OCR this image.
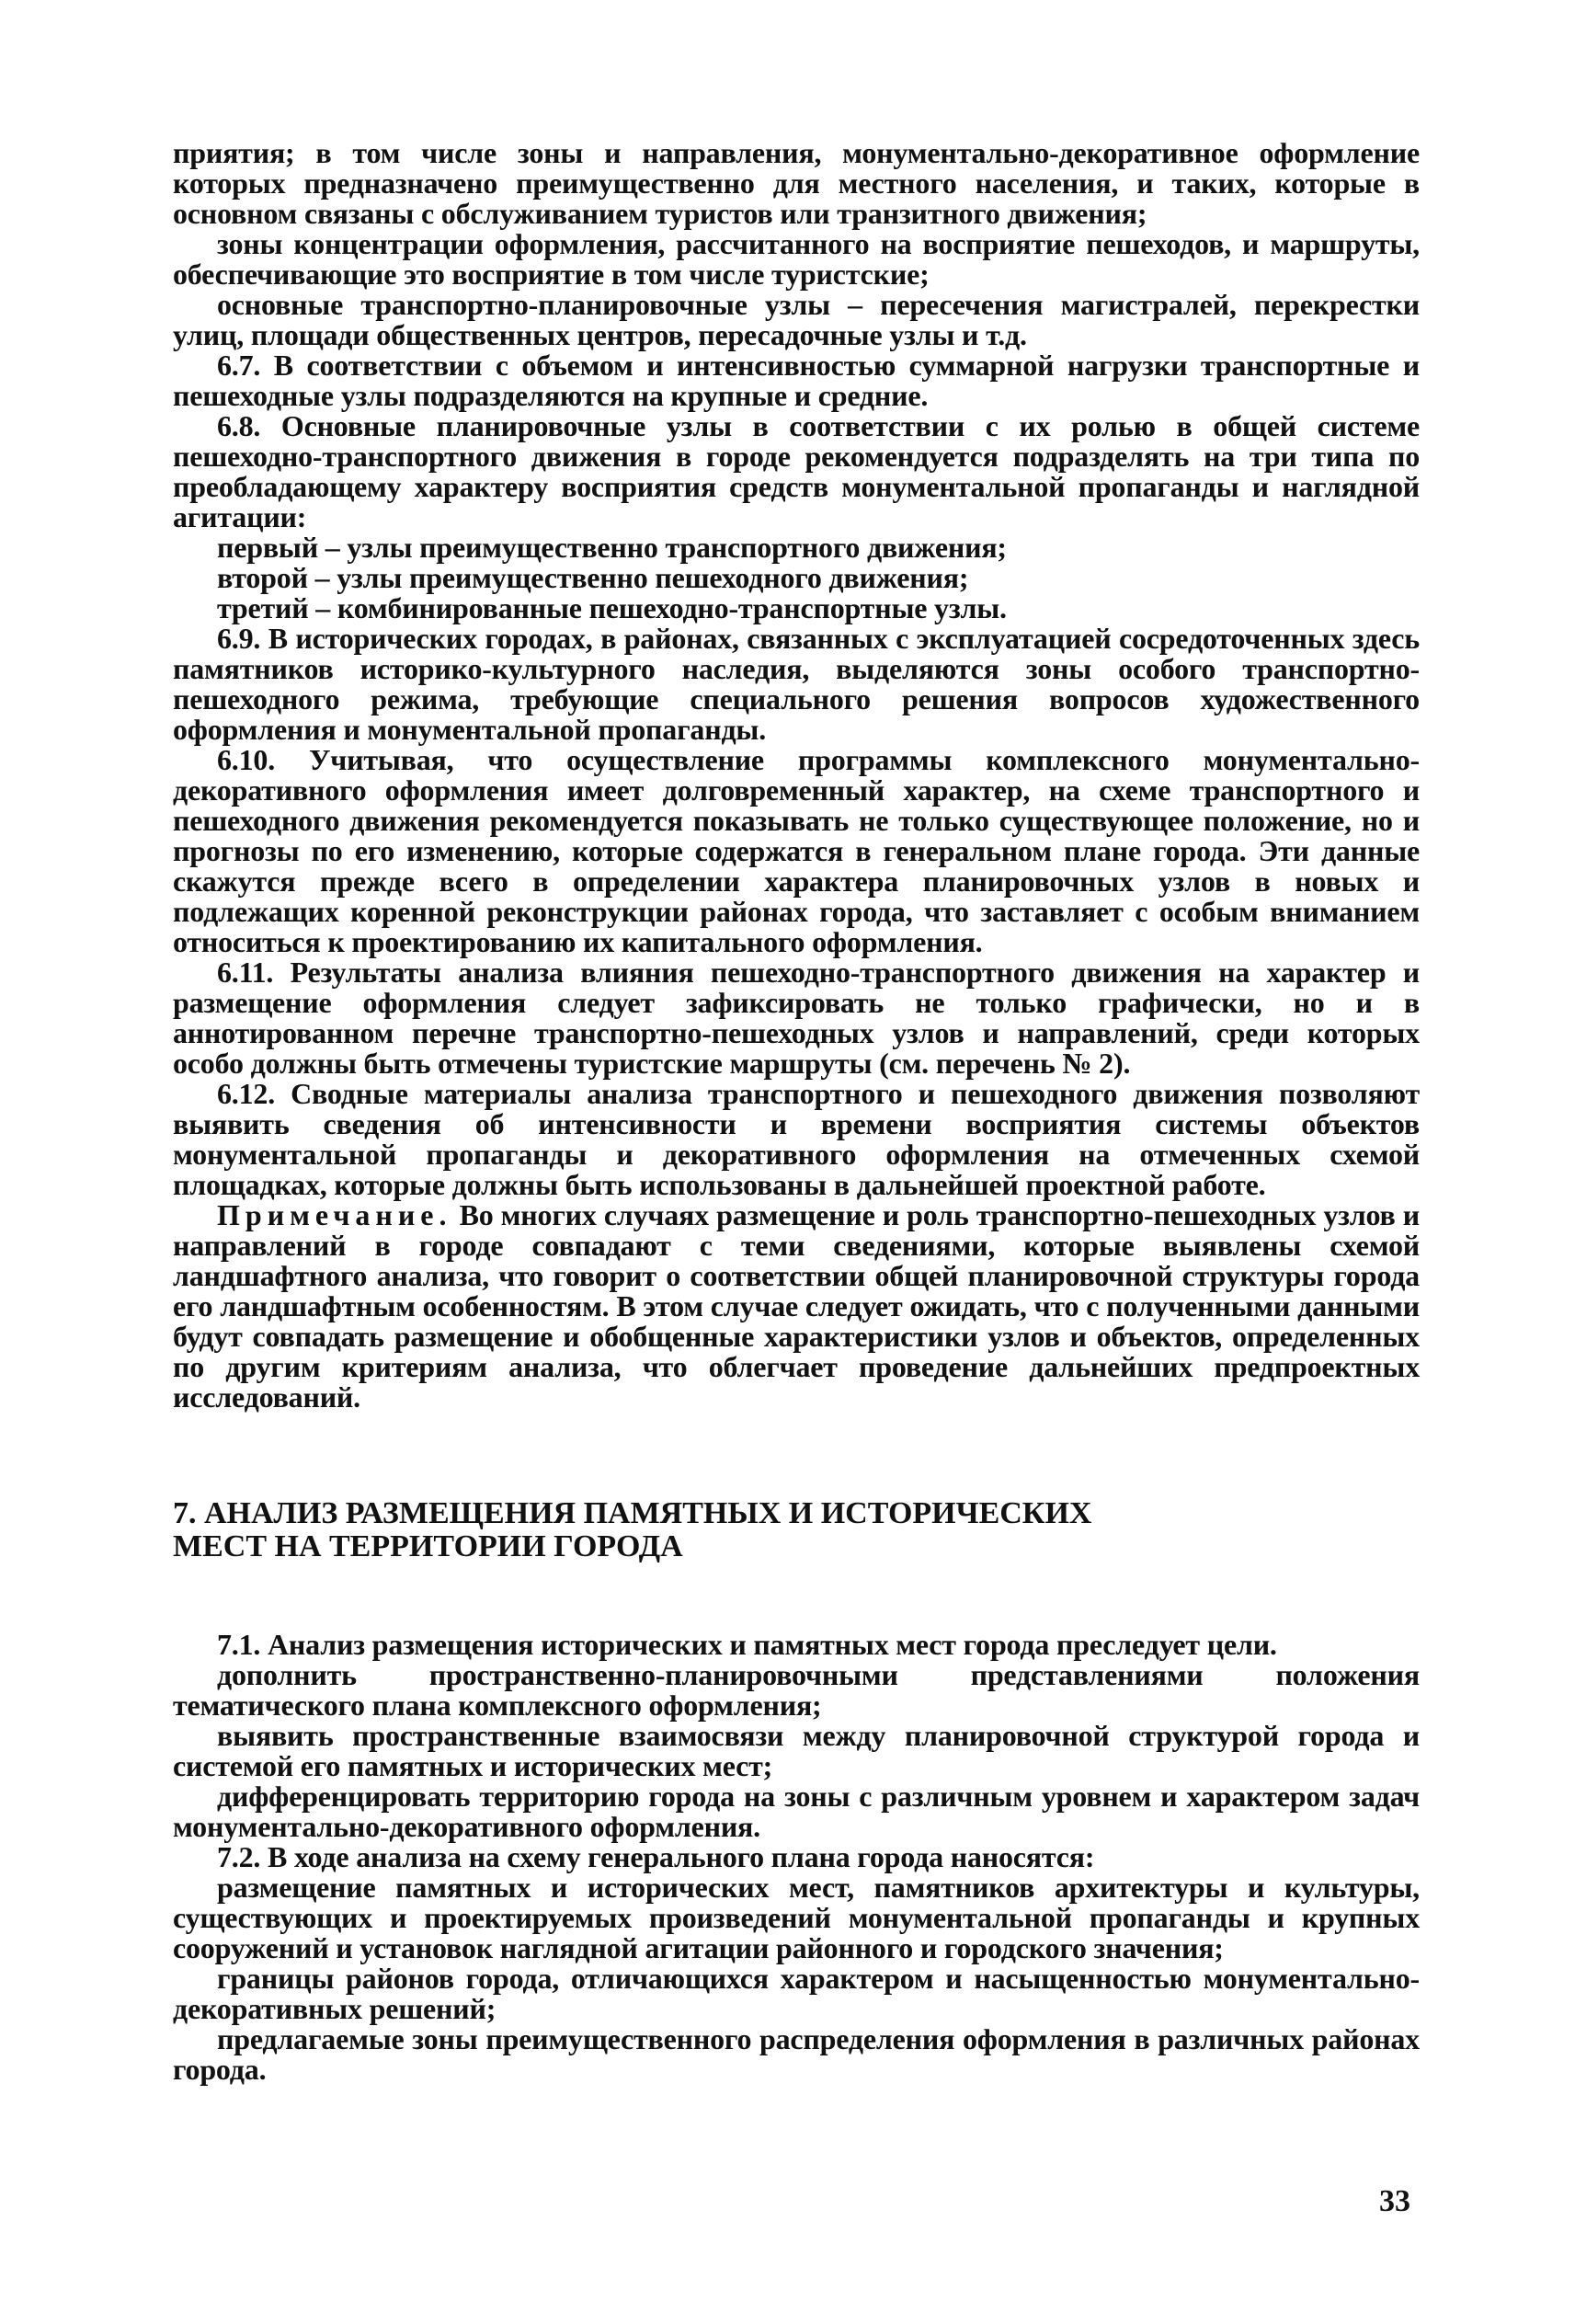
приятия; в том числе зоны и направления, монументально-декоративное оформление которых предназначено преимущественно для местного населения, и таких, которые в основном связаны с обслуживанием туристов или транзитного движения;

зоны концентрации оформления, рассчитанного на восприятие пешеходов, и маршруты, обеспечивающие это восприятие в том числе туристские;

основные транспортно-планировочные узлы – пересечения магистралей, перекрестки улиц, площади общественных центров, пересадочные узлы и т.д.

6.7. В соответствии с объемом и интенсивностью суммарной нагрузки транспортные и пешеходные узлы подразделяются на крупные и средние.

6.8. Основные планировочные узлы в соответствии с их ролью в общей системе пешеходно-транспортного движения в городе рекомендуется подразделять на три типа по преобладающему характеру восприятия средств монументальной пропаганды и наглядной агитации:

первый – узлы преимущественно транспортного движения;

второй – узлы преимущественно пешеходного движения;

третий – комбинированные пешеходно-транспортные узлы.

6.9. В исторических городах, в районах, связанных с эксплуатацией сосредоточенных здесь памятников историко-культурного наследия, выделяются зоны особого транспортно-пешеходного режима, требующие специального решения вопросов художественного оформления и монументальной пропаганды.

6.10. Учитывая, что осуществление программы комплексного монументально-декоративного оформления имеет долговременный характер, на схеме транспортного и пешеходного движения рекомендуется показывать не только существующее положение, но и прогнозы по его изменению, которые содержатся в генеральном плане города. Эти данные скажутся прежде всего в определении характера планировочных узлов в новых и подлежащих коренной реконструкции районах города, что заставляет с особым вниманием относиться к проектированию их капитального оформления.

6.11. Результаты анализа влияния пешеходно-транспортного движения на характер и размещение оформления следует зафиксировать не только графически, но и в аннотированном перечне транспортно-пешеходных узлов и направлений, среди которых особо должны быть отмечены туристские маршруты (см. перечень № 2).

6.12. Сводные материалы анализа транспортного и пешеходного движения позволяют выявить сведения об интенсивности и времени восприятия системы объектов монументальной пропаганды и декоративного оформления на отмеченных схемой площадках, которые должны быть использованы в дальнейшей проектной работе.

Примечание. Во многих случаях размещение и роль транспортно-пешеходных узлов и направлений в городе совпадают с теми сведениями, которые выявлены схемой ландшафтного анализа, что говорит о соответствии общей планировочной структуры города его ландшафтным особенностям. В этом случае следует ожидать, что с полученными данными будут совпадать размещение и обобщенные характеристики узлов и объектов, определенных по другим критериям анализа, что облегчает проведение дальнейших предпроектных исследований.

7. АНАЛИЗ РАЗМЕЩЕНИЯ ПАМЯТНЫХ И ИСТОРИЧЕСКИХ
МЕСТ НА ТЕРРИТОРИИ ГОРОДА

7.1. Анализ размещения исторических и памятных мест города преследует цели.

дополнить пространственно-планировочными представлениями положения тематического плана комплексного оформления;

выявить пространственные взаимосвязи между планировочной структурой города и системой его памятных и исторических мест;

дифференцировать территорию города на зоны с различным уровнем и характером задач монументально-декоративного оформления.

7.2. В ходе анализа на схему генерального плана города наносятся:

размещение памятных и исторических мест, памятников архитектуры и культуры, существующих и проектируемых произведений монументальной пропаганды и крупных сооружений и установок наглядной агитации районного и городского значения;

границы районов города, отличающихся характером и насыщенностью монументально-декоративных решений;

предлагаемые зоны преимущественного распределения оформления в различных районах города.

33
